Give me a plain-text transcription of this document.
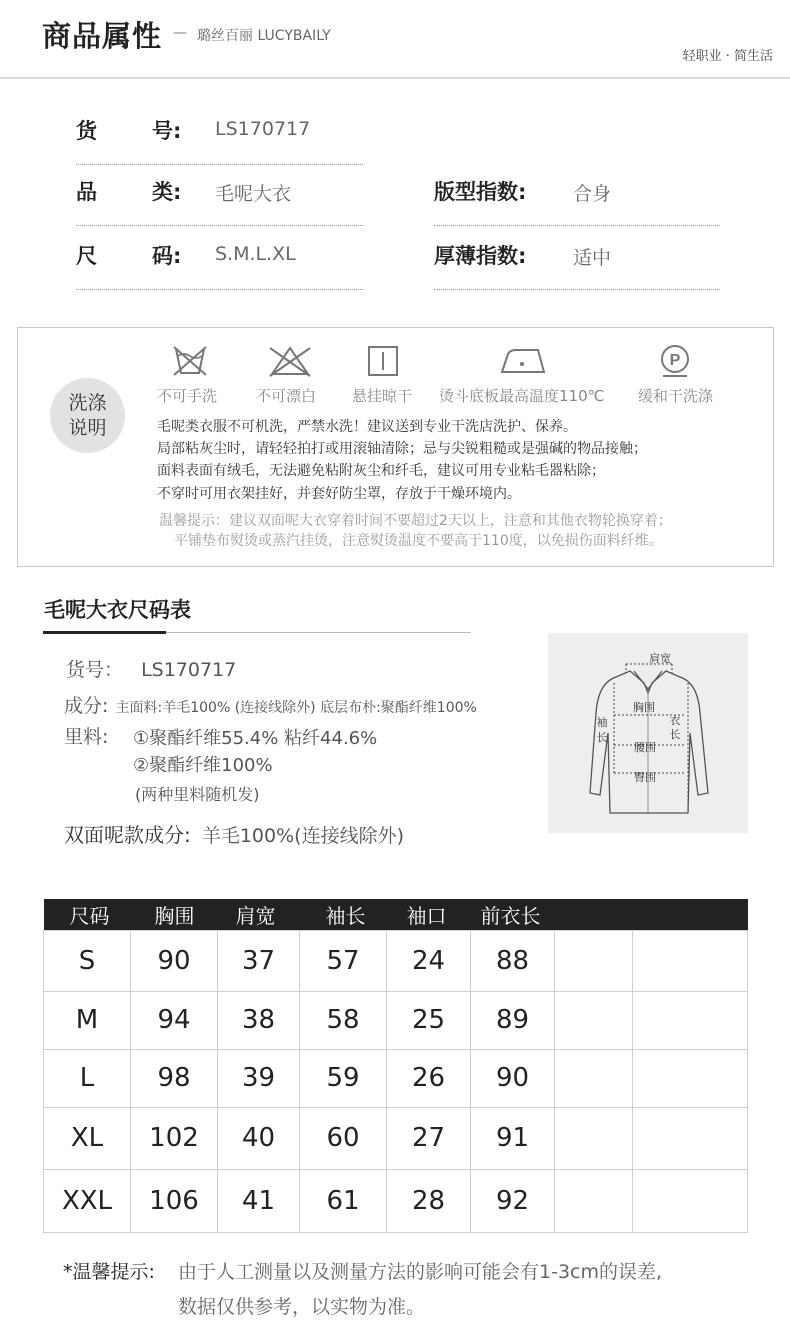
商品属性 — 璐丝百丽 LUCYBAILY
轻职业 · 简生活
货	号: LS170717
品	类: 毛呢大衣
尺	码: S.M.L.XL
版型指数: 合身
厚薄指数: 适中
洗涤
说明
P
不可手洗	不可漂白 悬挂晾干 烫斗底板最高温度110℃ 缓和干洗涤
毛呢类衣服不可机洗，严禁水洗！建议送到专业干洗店洗护、保养。
局部粘灰尘时，请轻轻拍打或用滚轴清除；忌与尖锐粗糙或是强碱的物品接触；
面料表面有绒毛，无法避免粘附灰尘和纤毛，建议可用专业粘毛器粘除；
不穿时可用衣架挂好，并套好防尘罩，存放于干燥环境内。
温馨提示：建议双面呢大衣穿着时间不要超过2天以上，注意和其他衣物轮换穿着；
平铺垫布熨烫或蒸汽挂烫，注意熨烫温度不要高于110度，以免损伤面料纤维。
毛呢大衣尺码表
货号： LS170717
成分: 主面料:羊毛100% (连接线除外) 底层布朴:聚酯纤维100%
里料: ①聚酯纤维55.4% 粘纤44.6%
②聚酯纤维100%
(两种里料随机发)
双面呢款成分: 羊毛100%(连接线除外)
肩宽
胸围
袖
长
衣
长
腰围
臀围
尺码	胸围	肩宽	袖长	袖口	前衣长		
S	90	37	57	24	88		
M	94	38	58	25	89		
L	98	39	59	26	90		
XL	102	40	60	27	91		
XXL	106	41	61	28	92		
*温馨提示: 由于人工测量以及测量方法的影响可能会有1-3cm的误差,
数据仅供参考，以实物为准。
